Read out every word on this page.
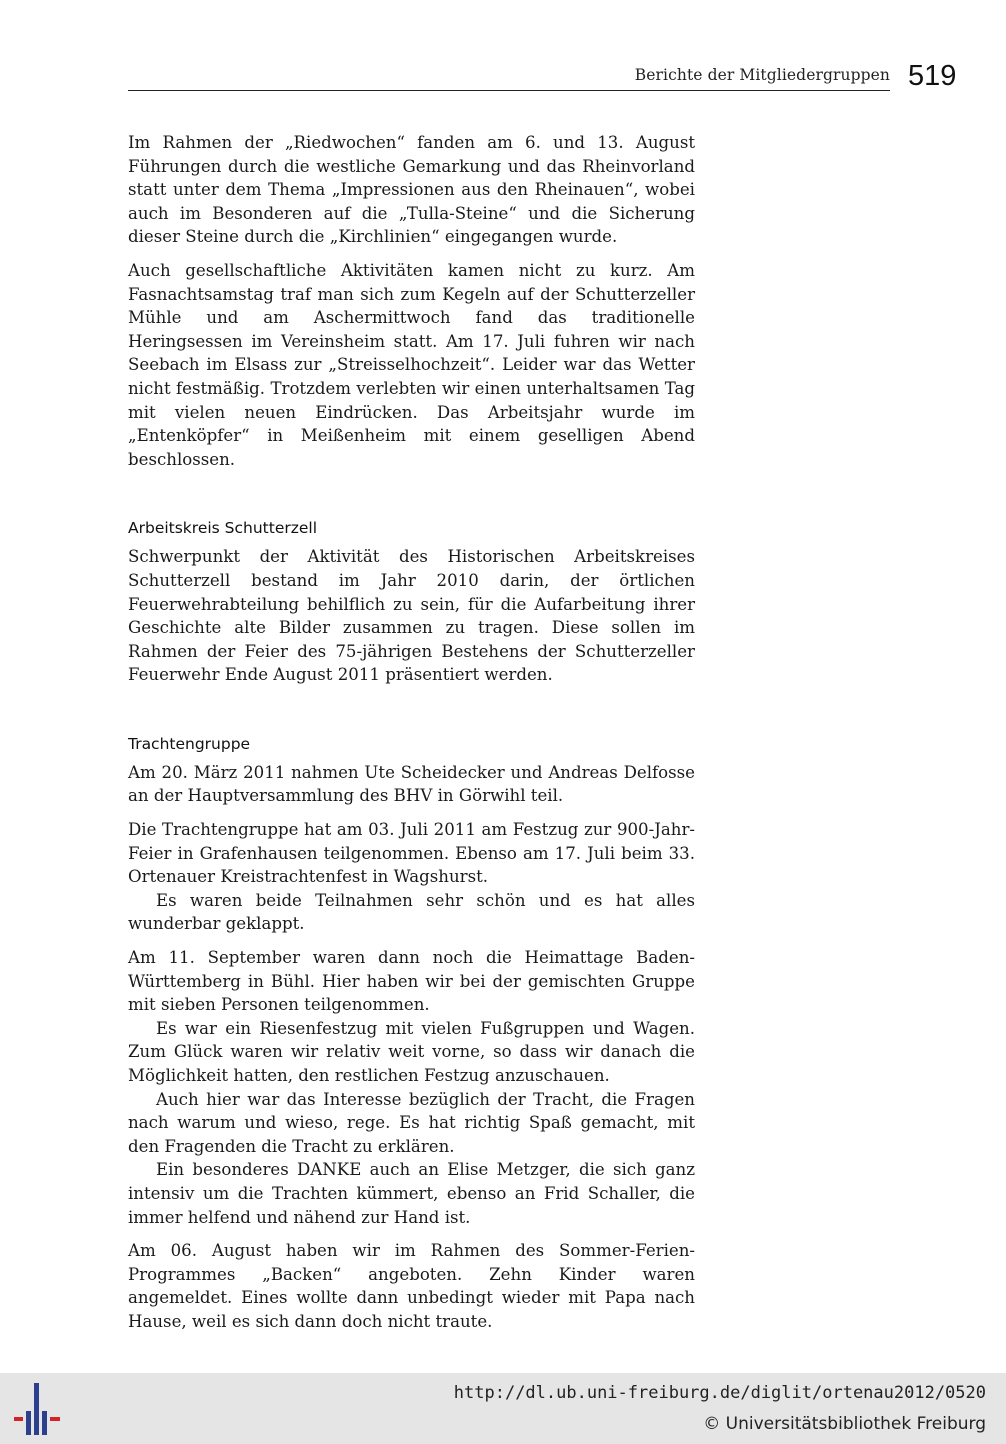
Berichte der Mitgliedergruppen 519

Im Rahmen der „Riedwochen“ fanden am 6. und 13. August Führungen durch die westliche Gemarkung und das Rheinvorland statt unter dem Thema „Impressionen aus den Rheinauen“, wobei auch im Besonderen auf die „Tulla-Steine“ und die Sicherung dieser Steine durch die „Kirchlinien“ eingegangen wurde.

Auch gesellschaftliche Aktivitäten kamen nicht zu kurz. Am Fasnachtsamstag traf man sich zum Kegeln auf der Schutterzeller Mühle und am Aschermittwoch fand das traditionelle Heringsessen im Vereinsheim statt. Am 17. Juli fuhren wir nach Seebach im Elsass zur „Streisselhochzeit“. Leider war das Wetter nicht festmäßig. Trotzdem verlebten wir einen unterhaltsamen Tag mit vielen neuen Eindrücken. Das Arbeitsjahr wurde im „Entenköpfer“ in Meißenheim mit einem geselligen Abend beschlossen.

Arbeitskreis Schutterzell

Schwerpunkt der Aktivität des Historischen Arbeitskreises Schutterzell bestand im Jahr 2010 darin, der örtlichen Feuerwehrabteilung behilflich zu sein, für die Aufarbeitung ihrer Geschichte alte Bilder zusammen zu tragen. Diese sollen im Rahmen der Feier des 75-jährigen Bestehens der Schutterzeller Feuerwehr Ende August 2011 präsentiert werden.

Trachtengruppe

Am 20. März 2011 nahmen Ute Scheidecker und Andreas Delfosse an der Hauptversammlung des BHV in Görwihl teil.

Die Trachtengruppe hat am 03. Juli 2011 am Festzug zur 900-Jahr-Feier in Grafenhausen teilgenommen. Ebenso am 17. Juli beim 33. Ortenauer Kreistrachtenfest in Wagshurst.

Es waren beide Teilnahmen sehr schön und es hat alles wunderbar geklappt.

Am 11. September waren dann noch die Heimattage Baden-Württemberg in Bühl. Hier haben wir bei der gemischten Gruppe mit sieben Personen teilgenommen.

Es war ein Riesenfestzug mit vielen Fußgruppen und Wagen. Zum Glück waren wir relativ weit vorne, so dass wir danach die Möglichkeit hatten, den restlichen Festzug anzuschauen.

Auch hier war das Interesse bezüglich der Tracht, die Fragen nach warum und wieso, rege. Es hat richtig Spaß gemacht, mit den Fragenden die Tracht zu erklären.

Ein besonderes DANKE auch an Elise Metzger, die sich ganz intensiv um die Trachten kümmert, ebenso an Frid Schaller, die immer helfend und nähend zur Hand ist.

Am 06. August haben wir im Rahmen des Sommer-Ferien-Programmes „Backen“ angeboten. Zehn Kinder waren angemeldet. Eines wollte dann unbedingt wieder mit Papa nach Hause, weil es sich dann doch nicht traute.

http://dl.ub.uni-freiburg.de/diglit/ortenau2012/0520
© Universitätsbibliothek Freiburg
